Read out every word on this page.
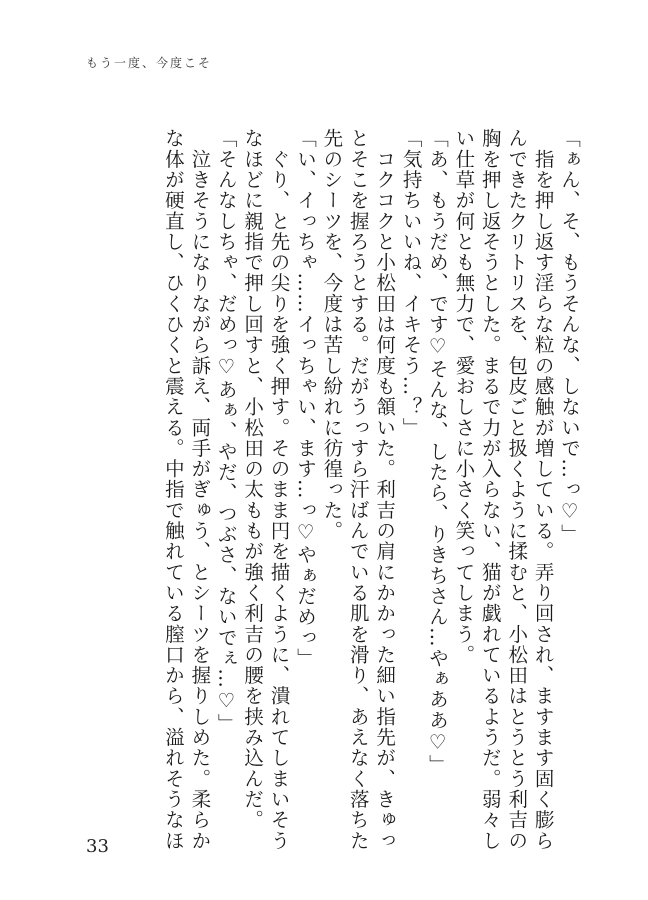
もう一度、今度こそ

「ぁん、そ、もうそんな、しないで…っ♡」

　指を押し返す淫らな粒の感触が増している。弄り回され、ますます固く膨ら

んできたクリトリスを、包皮ごと扱くように揉むと、小松田はとうとう利吉の

胸を押し返そうとした。まるで力が入らない、猫が戯れているようだ。弱々し

い仕草が何とも無力で、愛おしさに小さく笑ってしまう。

「あ、もうだめ、です♡そんな、したら、りきちさん…やぁああ♡」

「気持ちいいね、イキそう…？」

　コクコクと小松田は何度も頷いた。利吉の肩にかかった細い指先が、きゅっ

とそこを握ろうとする。だがうっすら汗ばんでいる肌を滑り、あえなく落ちた

先のシーツを、今度は苦し紛れに彷徨った。

「い、イっちゃ……イっちゃい、ます…っ♡やぁだめっ」

　ぐり、と先の尖りを強く押す。そのまま円を描くように、潰れてしまいそう

なほどに親指で押し回すと、小松田の太ももが強く利吉の腰を挟み込んだ。

「そんなしちゃ、だめっ♡あぁ、やだ、つぶさ、ないでぇ…♡」

　泣きそうになりながら訴え、両手がぎゅう、とシーツを握りしめた。柔らか

な体が硬直し、ひくひくと震える。中指で触れている膣口から、溢れそうなほ

33
